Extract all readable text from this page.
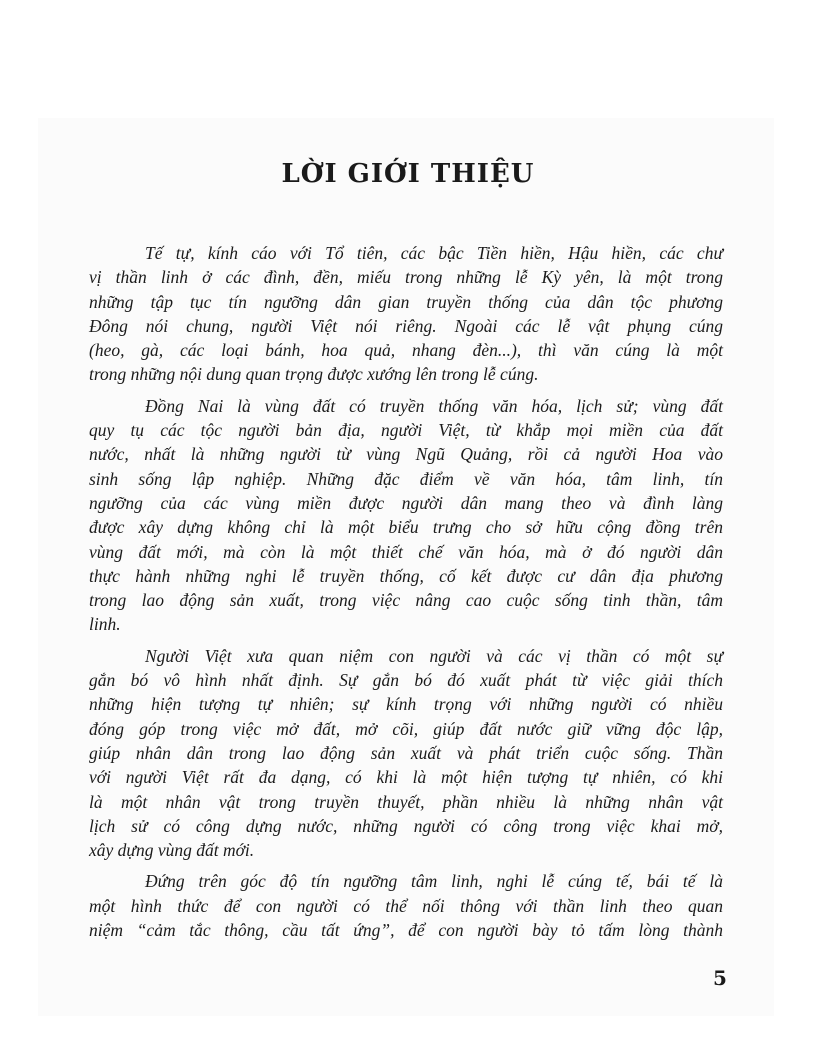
LỜI GIỚI THIỆU
Tế tự, kính cáo với Tổ tiên, các bậc Tiền hiền, Hậu hiền, các chư
vị thần linh ở các đình, đền, miếu trong những lễ Kỳ yên, là một trong
những tập tục tín ngưỡng dân gian truyền thống của dân tộc phương
Đông nói chung, người Việt nói riêng. Ngoài các lễ vật phụng cúng
(heo, gà, các loại bánh, hoa quả, nhang đèn...), thì văn cúng là một
trong những nội dung quan trọng được xướng lên trong lễ cúng.
Đồng Nai là vùng đất có truyền thống văn hóa, lịch sử; vùng đất
quy tụ các tộc người bản địa, người Việt, từ khắp mọi miền của đất
nước, nhất là những người từ vùng Ngũ Quảng, rồi cả người Hoa vào
sinh sống lập nghiệp. Những đặc điểm về văn hóa, tâm linh, tín
ngưỡng của các vùng miền được người dân mang theo và đình làng
được xây dựng không chỉ là một biểu trưng cho sở hữu cộng đồng trên
vùng đất mới, mà còn là một thiết chế văn hóa, mà ở đó người dân
thực hành những nghi lễ truyền thống, cố kết được cư dân địa phương
trong lao động sản xuất, trong việc nâng cao cuộc sống tinh thần, tâm
linh.
Người Việt xưa quan niệm con người và các vị thần có một sự
gắn bó vô hình nhất định. Sự gắn bó đó xuất phát từ việc giải thích
những hiện tượng tự nhiên; sự kính trọng với những người có nhiều
đóng góp trong việc mở đất, mở cõi, giúp đất nước giữ vững độc lập,
giúp nhân dân trong lao động sản xuất và phát triển cuộc sống. Thần
với người Việt rất đa dạng, có khi là một hiện tượng tự nhiên, có khi
là một nhân vật trong truyền thuyết, phần nhiều là những nhân vật
lịch sử có công dựng nước, những người có công trong việc khai mở,
xây dựng vùng đất mới.
Đứng trên góc độ tín ngưỡng tâm linh, nghi lễ cúng tế, bái tế là
một hình thức để con người có thể nối thông với thần linh theo quan
niệm “cảm tắc thông, cầu tất ứng”, để con người bày tỏ tấm lòng thành
5
